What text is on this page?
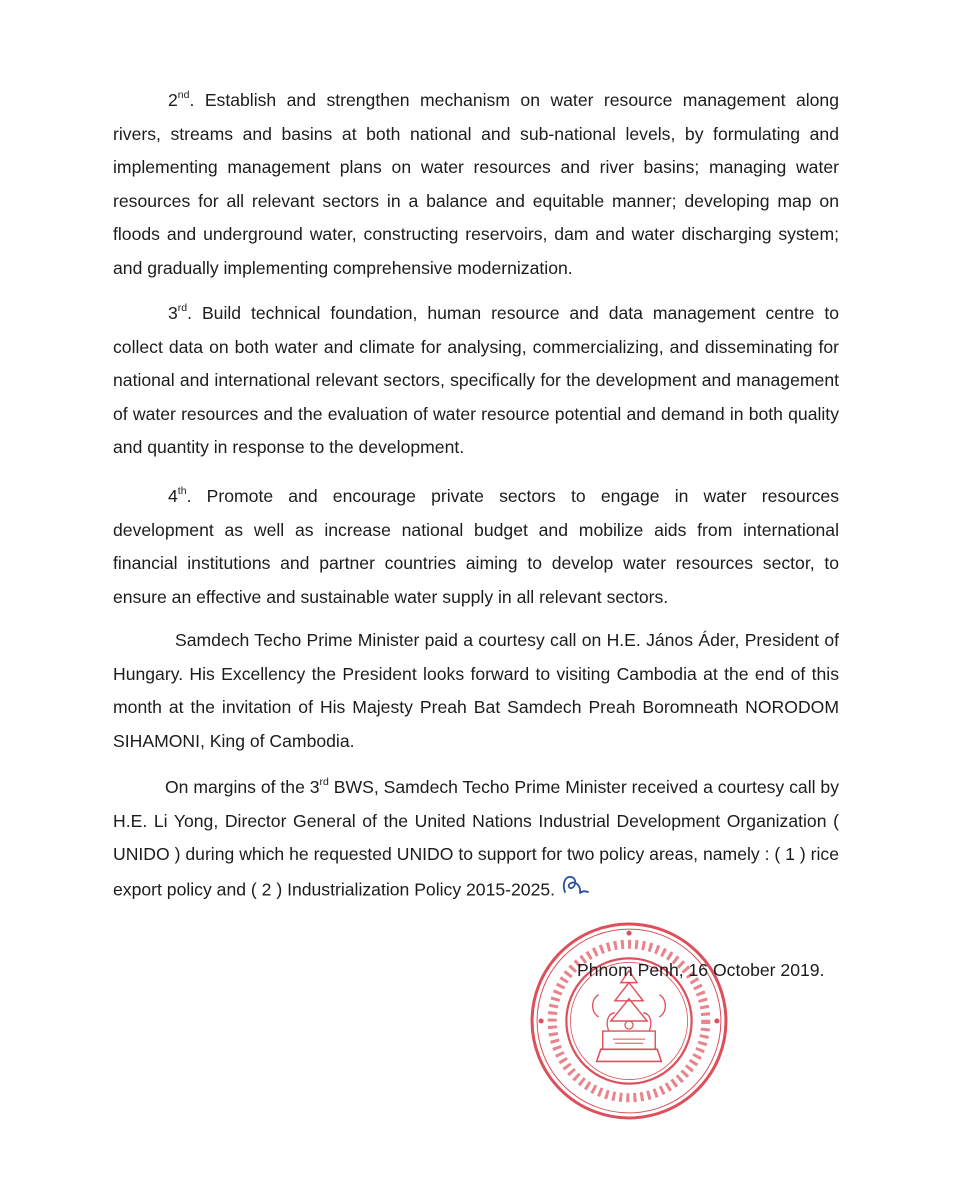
2nd. Establish and strengthen mechanism on water resource management along rivers, streams and basins at both national and sub-national levels, by formulating and implementing management plans on water resources and river basins; managing water resources for all relevant sectors in a balance and equitable manner; developing map on floods and underground water, constructing reservoirs, dam and water discharging system; and gradually implementing comprehensive modernization.

3rd. Build technical foundation, human resource and data management centre to collect data on both water and climate for analysing, commercializing, and disseminating for national and international relevant sectors, specifically for the development and management of water resources and the evaluation of water resource potential and demand in both quality and quantity in response to the development.

4th. Promote and encourage private sectors to engage in water resources development as well as increase national budget and mobilize aids from international financial institutions and partner countries aiming to develop water resources sector, to ensure an effective and sustainable water supply in all relevant sectors.

Samdech Techo Prime Minister paid a courtesy call on H.E. János Áder, President of Hungary. His Excellency the President looks forward to visiting Cambodia at the end of this month at the invitation of His Majesty Preah Bat Samdech Preah Boromneath NORODOM SIHAMONI, King of Cambodia.

On margins of the 3rd BWS, Samdech Techo Prime Minister received a courtesy call by H.E. Li Yong, Director General of the United Nations Industrial Development Organization ( UNIDO ) during which he requested UNIDO to support for two policy areas, namely : ( 1 ) rice export policy and ( 2 ) Industrialization Policy 2015-2025.

Phnom Penh, 16 October 2019.
